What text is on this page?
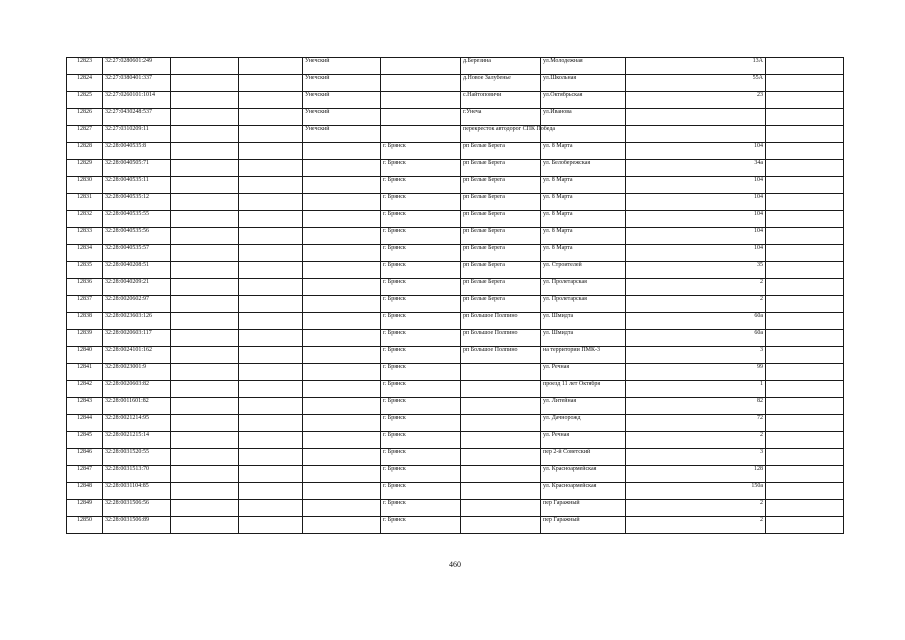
12823	32:27:0280601:249			Унечский		д.Березина	ул.Молодежная	13А	
12824	32:27:0380401:337			Унечский		д.Новое Залубенье	ул.Школьная	55А	
12825	32:27:0260101:1014			Унечский		с.Найтоповичи	ул.Октябрьская	23	
12826	32:27:0430248:537			Унечский		г.Унеча	ул.Иванова		
12827	32:27:0310209:11			Унечский		перекресток автодорог СПК Победа			
12828	32:28:0040535:8				г. Брянск	рп Белые Берега	ул. 8 Марта	104	
12829	32:28:0040505:71				г. Брянск	рп Белые Берега	ул. Белобережская	34а	
12830	32:28:0040535:11				г. Брянск	рп Белые Берега	ул. 8 Марта	104	
12831	32:28:0040535:12				г. Брянск	рп Белые Берега	ул. 8 Марта	104	
12832	32:28:0040535:55				г. Брянск	рп Белые Берега	ул. 8 Марта	104	
12833	32:28:0040535:56				г. Брянск	рп Белые Берега	ул. 8 Марта	104	
12834	32:28:0040535:57				г. Брянск	рп Белые Берега	ул. 8 Марта	104	
12835	32:28:0040208:51				г. Брянск	рп Белые Берега	ул. Строителей	35	
12836	32:28:0040209:21				г. Брянск	рп Белые Берега	ул. Пролетарская	2	
12837	32:28:0020602:97				г. Брянск	рп Белые Берега	ул. Пролетарская	2	
12838	32:28:0023603:126				г. Брянск	рп Большое Полпино	ул. Шмидта	60а	
12839	32:28:0020603:117				г. Брянск	рп Большое Полпино	ул. Шмидта	60а	
12840	32:28:0024101:162				г. Брянск	рп Большое Полпино	на территории ПМК-3	3	
12841	32:28:0023001:9				г. Брянск		ул. Речная	99	
12842	32:28:0020603:82				г. Брянск		проезд 11 лет Октября	1	
12843	32:28:0011601:82				г. Брянск		ул. Литейная	82	
12844	32:28:0021214:95				г. Брянск		ул. Дачнорожд	72	
12845	32:28:0021215:14				г. Брянск		ул. Речная	2	
12846	32:28:0031520:55				г. Брянск		пер 2-й Советский	3	
12847	32:28:0031513:70				г. Брянск		ул. Красноармейская	128	
12848	32:28:0031104:85				г. Брянск		ул. Красноармейская	150а	
12849	32:28:0031506:56				г. Брянск		пер Гаражный	2	
12850	32:28:0031506:89				г. Брянск		пер Гаражный	2	
460
